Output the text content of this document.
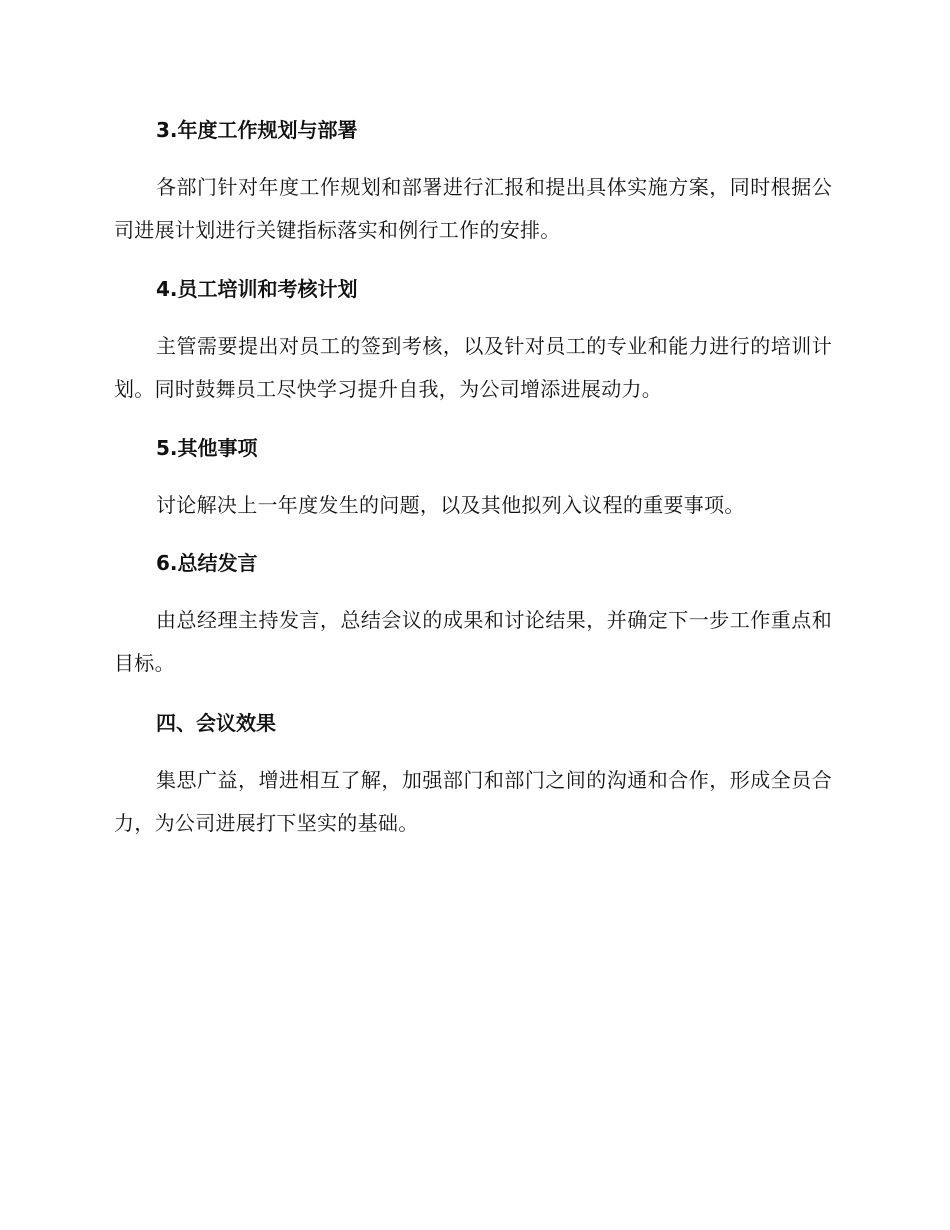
3.年度工作规划与部署
各部门针对年度工作规划和部署进行汇报和提出具体实施方案，同时根据公司进展计划进行关键指标落实和例行工作的安排。
4.员工培训和考核计划
主管需要提出对员工的签到考核，以及针对员工的专业和能力进行的培训计划。同时鼓舞员工尽快学习提升自我，为公司增添进展动力。
5.其他事项
讨论解决上一年度发生的问题，以及其他拟列入议程的重要事项。
6.总结发言
由总经理主持发言，总结会议的成果和讨论结果，并确定下一步工作重点和目标。
四、会议效果
集思广益，增进相互了解，加强部门和部门之间的沟通和合作，形成全员合力，为公司进展打下坚实的基础。
